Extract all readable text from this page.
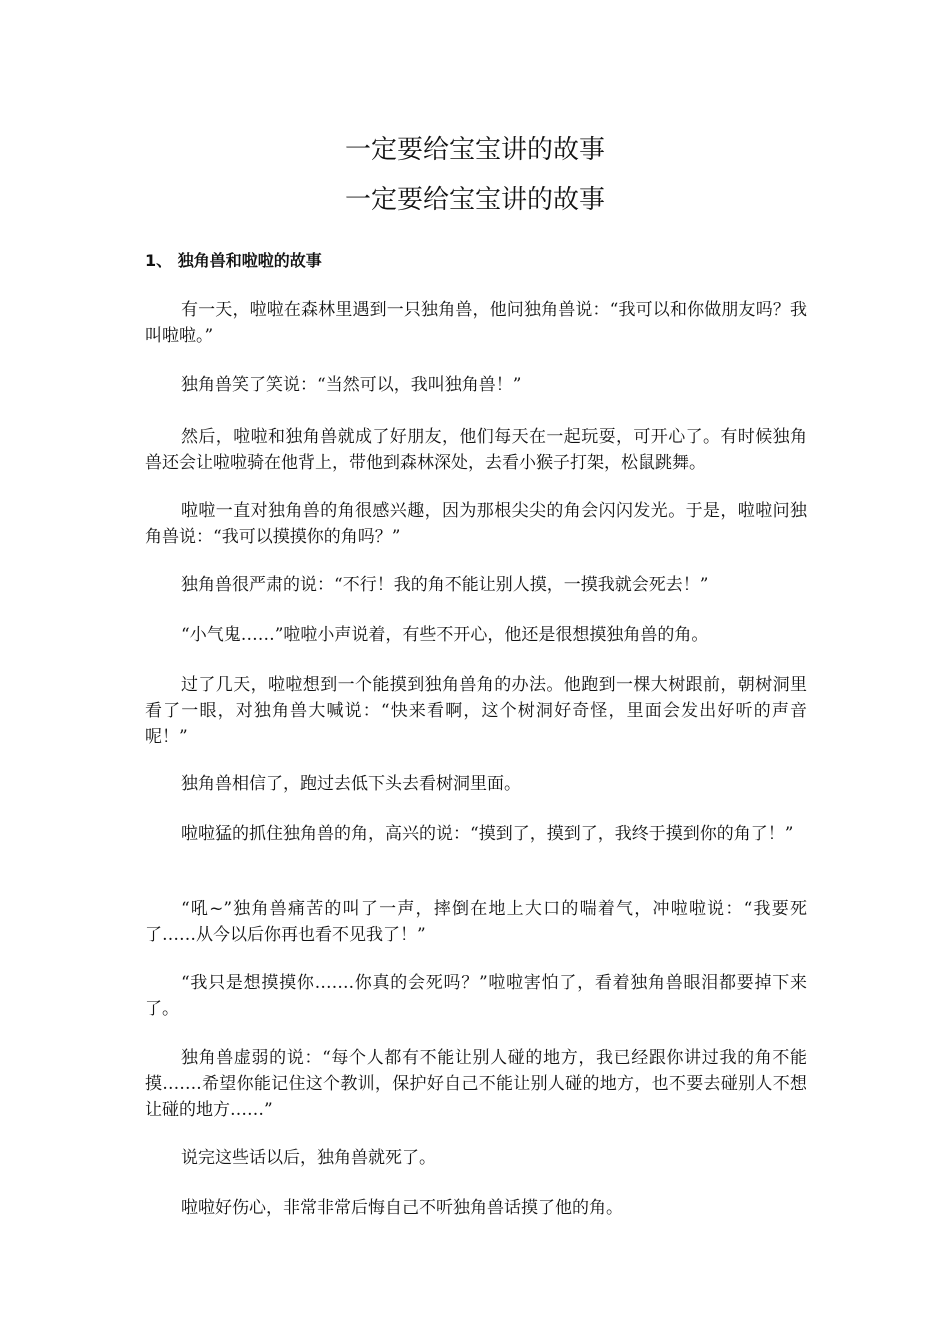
一定要给宝宝讲的故事
一定要给宝宝讲的故事
1、 独角兽和啦啦的故事

有一天，啦啦在森林里遇到一只独角兽，他问独角兽说：“我可以和你做朋友吗？我叫啦啦。”

独角兽笑了笑说：“当然可以，我叫独角兽！”

然后，啦啦和独角兽就成了好朋友，他们每天在一起玩耍，可开心了。有时候独角兽还会让啦啦骑在他背上，带他到森林深处，去看小猴子打架，松鼠跳舞。

啦啦一直对独角兽的角很感兴趣，因为那根尖尖的角会闪闪发光。于是，啦啦问独角兽说：“我可以摸摸你的角吗？”

独角兽很严肃的说：“不行！我的角不能让别人摸，一摸我就会死去！”

“小气鬼……”啦啦小声说着，有些不开心，他还是很想摸独角兽的角。

过了几天，啦啦想到一个能摸到独角兽角的办法。他跑到一棵大树跟前，朝树洞里看了一眼，对独角兽大喊说：“快来看啊，这个树洞好奇怪，里面会发出好听的声音呢！”

独角兽相信了，跑过去低下头去看树洞里面。

啦啦猛的抓住独角兽的角，高兴的说：“摸到了，摸到了，我终于摸到你的角了！”

“吼~”独角兽痛苦的叫了一声，摔倒在地上大口的喘着气，冲啦啦说：“我要死了……从今以后你再也看不见我了！”

“我只是想摸摸你…….你真的会死吗？”啦啦害怕了，看着独角兽眼泪都要掉下来了。

独角兽虚弱的说：“每个人都有不能让别人碰的地方，我已经跟你讲过我的角不能摸…….希望你能记住这个教训，保护好自己不能让别人碰的地方，也不要去碰别人不想让碰的地方……”

说完这些话以后，独角兽就死了。

啦啦好伤心，非常非常后悔自己不听独角兽话摸了他的角。
